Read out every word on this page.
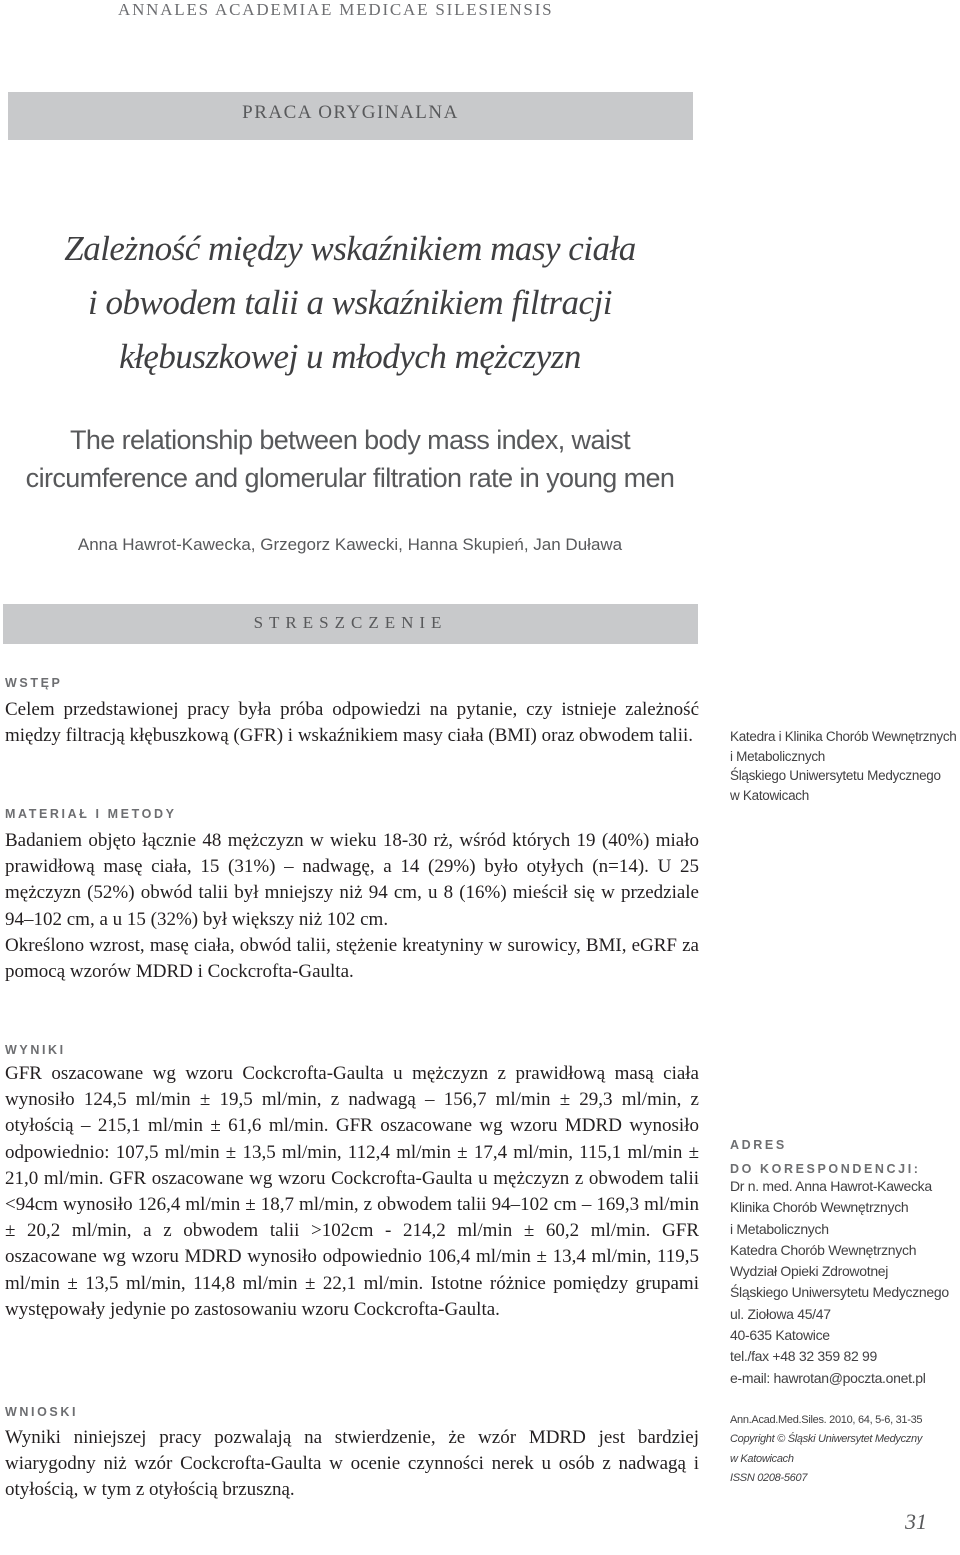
ANNALES ACADEMIAE MEDICAE SILESIENSIS
PRACA ORYGINALNA
Zależność między wskaźnikiem masy ciała
i obwodem talii a wskaźnikiem filtracji
kłębuszkowej u młodych mężczyzn
The relationship between body mass index, waist
circumference and glomerular filtration rate in young men
Anna Hawrot-Kawecka, Grzegorz Kawecki, Hanna Skupień, Jan Duława
STRESZCZENIE
WSTĘP

Celem przedstawionej pracy była próba odpowiedzi na pytanie, czy istnieje zależność między filtracją kłębuszkową (GFR) i wskaźnikiem masy ciała (BMI) oraz obwodem talii.

MATERIAŁ I METODY

Badaniem objęto łącznie 48 mężczyzn w wieku 18-30 rż, wśród których 19 (40%) miało prawidłową masę ciała, 15 (31%) – nadwagę, a 14 (29%) było otyłych (n=14). U 25 mężczyzn (52%) obwód talii był mniejszy niż 94 cm, u 8 (16%) mieścił się w przedziale 94–102 cm, a u 15 (32%) był większy niż 102 cm.

Określono wzrost, masę ciała, obwód talii, stężenie kreatyniny w surowicy, BMI, eGRF za pomocą wzorów MDRD i Cockcrofta-Gaulta.

WYNIKI

GFR oszacowane wg wzoru Cockcrofta-Gaulta u mężczyzn z prawidłową masą ciała wynosiło 124,5 ml/min ± 19,5 ml/min, z nadwagą – 156,7 ml/min ± 29,3 ml/min, z otyłością – 215,1 ml/min ± 61,6 ml/min. GFR oszacowane wg wzoru MDRD wynosiło odpowiednio: 107,5 ml/min ± 13,5 ml/min, 112,4 ml/min ± 17,4 ml/min, 115,1 ml/min ± 21,0 ml/min. GFR oszacowane wg wzoru Cockcrofta-Gaulta u mężczyzn z obwodem talii <94cm wynosiło 126,4 ml/min ± 18,7 ml/min, z obwodem talii 94–102 cm – 169,3 ml/min ± 20,2 ml/min, a z obwodem talii >102cm - 214,2 ml/min ± 60,2 ml/min. GFR oszacowane wg wzoru MDRD wynosiło odpowiednio 106,4 ml/min ± 13,4 ml/min, 119,5 ml/min ± 13,5 ml/min, 114,8 ml/min ± 22,1 ml/min. Istotne różnice pomiędzy grupami występowały jedynie po zastosowaniu wzoru Cockcrofta-Gaulta.

WNIOSKI

Wyniki niniejszej pracy pozwalają na stwierdzenie, że wzór MDRD jest bardziej wiarygodny niż wzór Cockcrofta-Gaulta w ocenie czynności nerek u osób z nadwagą i otyłością, w tym z otyłością brzuszną.

Katedra i Klinika Chorób Wewnętrznych
i Metabolicznych
Śląskiego Uniwersytetu Medycznego
w Katowicach
ADRES
DO KORESPONDENCJI:
Dr n. med. Anna Hawrot-Kawecka
Klinika Chorób Wewnętrznych
i Metabolicznych
Katedra Chorób Wewnętrznych
Wydział Opieki Zdrowotnej
Śląskiego Uniwersytetu Medycznego
ul. Ziołowa 45/47
40-635 Katowice
tel./fax +48 32 359 82 99
e-mail: hawrotan@poczta.onet.pl
Ann.Acad.Med.Siles. 2010, 64, 5-6, 31-35
Copyright © Śląski Uniwersytet Medyczny
w Katowicach
ISSN 0208-5607
31
